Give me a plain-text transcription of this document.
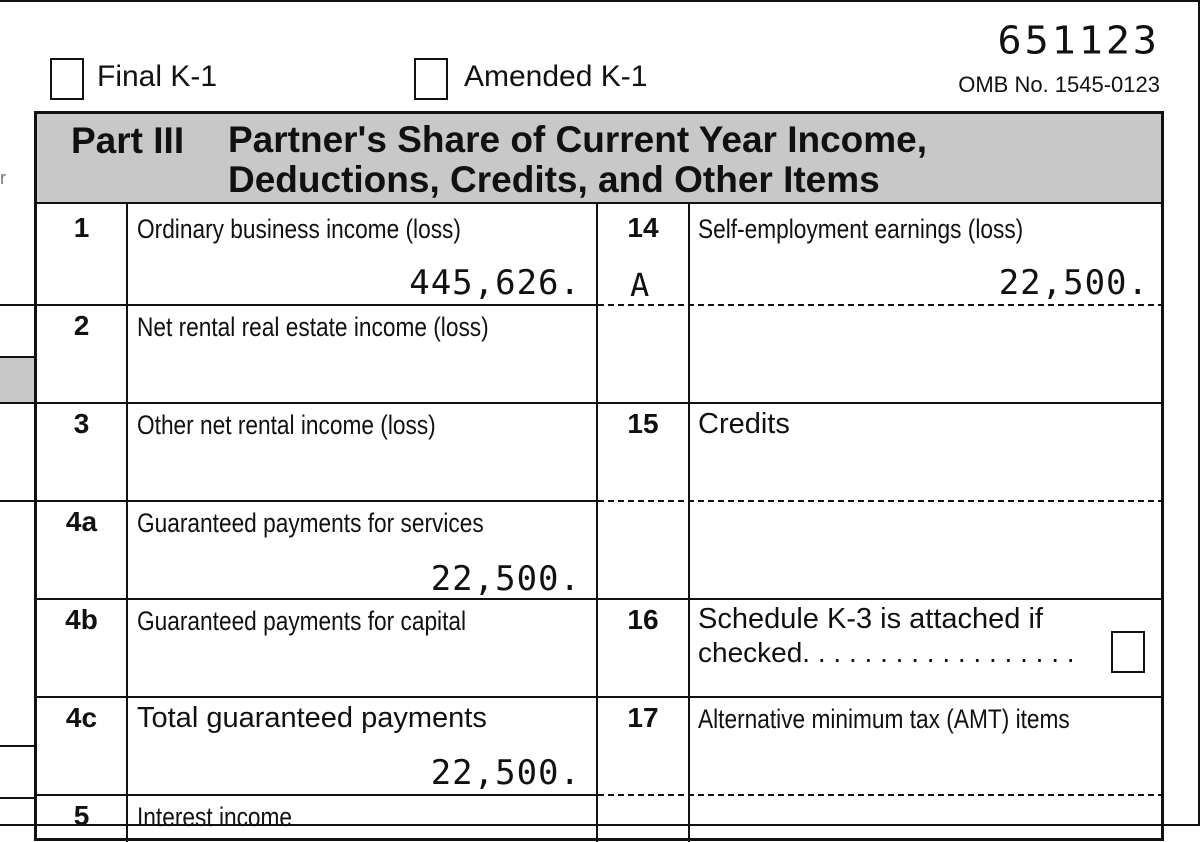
r
651123
OMB No. 1545-0123
Final K-1	Amended K-1
Part III Partner's Share of Current Year Income,
Deductions, Credits, and Other Items
1	Ordinary business income (loss)
445,626.
2	Net rental real estate income (loss)
3	Other net rental income (loss)
4a	Guaranteed payments for services
22,500.
4b	Guaranteed payments for capital
4c	Total guaranteed payments
22,500.
5	Interest income
14	Self-employment earnings (loss)
A	22,500.
15	Credits
16	Schedule K-3 is attached if
checked. . . . . . . . . . . . . . . . . .
17	Alternative minimum tax (AMT) items
